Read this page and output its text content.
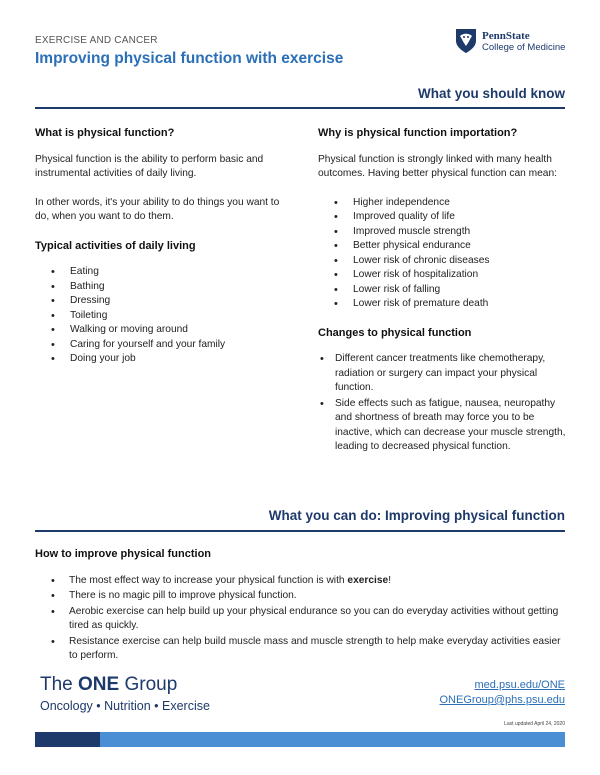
EXERCISE AND CANCER
Improving physical function with exercise
PennState
College of Medicine
What you should know
What is physical function?

Physical function is the ability to perform basic and instrumental activities of daily living.

In other words, it's your ability to do things you want to do, when you want to do them.

Typical activities of daily living
• Eating
• Bathing
• Dressing
• Toileting
• Walking or moving around
• Caring for yourself and your family
• Doing your job
Why is physical function importation?

Physical function is strongly linked with many health outcomes. Having better physical function can mean:

• Higher independence
• Improved quality of life
• Improved muscle strength
• Better physical endurance
• Lower risk of chronic diseases
• Lower risk of hospitalization
• Lower risk of falling
• Lower risk of premature death
Changes to physical function
• Different cancer treatments like chemotherapy, radiation or surgery can impact your physical function.
• Side effects such as fatigue, nausea, neuropathy and shortness of breath may force you to be inactive, which can decrease your muscle strength, leading to decreased physical function.
What you can do: Improving physical function
How to improve physical function
• The most effect way to increase your physical function is with exercise!
• There is no magic pill to improve physical function.
• Aerobic exercise can help build up your physical endurance so you can do everyday activities without getting tired as quickly.
• Resistance exercise can help build muscle mass and muscle strength to help make everyday activities easier to perform.
The ONE Group
Oncology • Nutrition • Exercise
med.psu.edu/ONE
ONEGroup@phs.psu.edu
Last updated April 24, 2020
